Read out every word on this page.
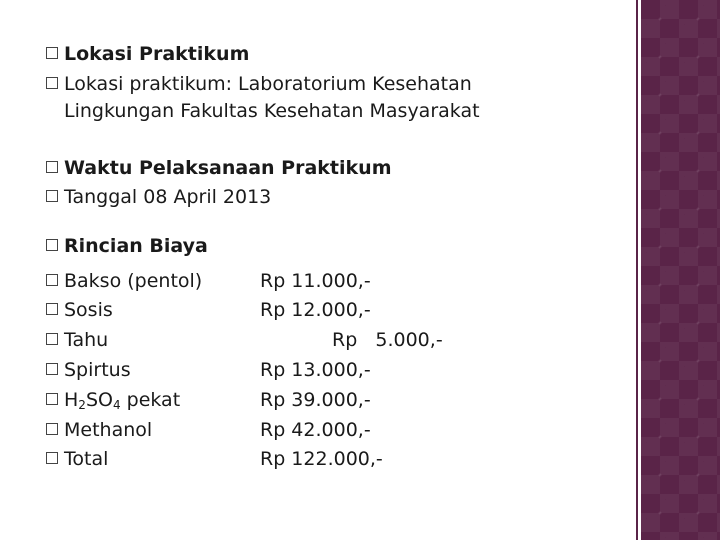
Lokasi Praktikum
Lokasi praktikum: Laboratorium Kesehatan
Lingkungan Fakultas Kesehatan Masyarakat
Waktu Pelaksanaan Praktikum
Tanggal 08 April 2013
Rincian Biaya
Bakso (pentol)	Rp 11.000,-
Sosis	Rp 12.000,-
Tahu	Rp   5.000,-
Spirtus	Rp 13.000,-
$H_2SO_4$ pekat	Rp 39.000,-
Methanol	Rp 42.000,-
Total	Rp 122.000,-
